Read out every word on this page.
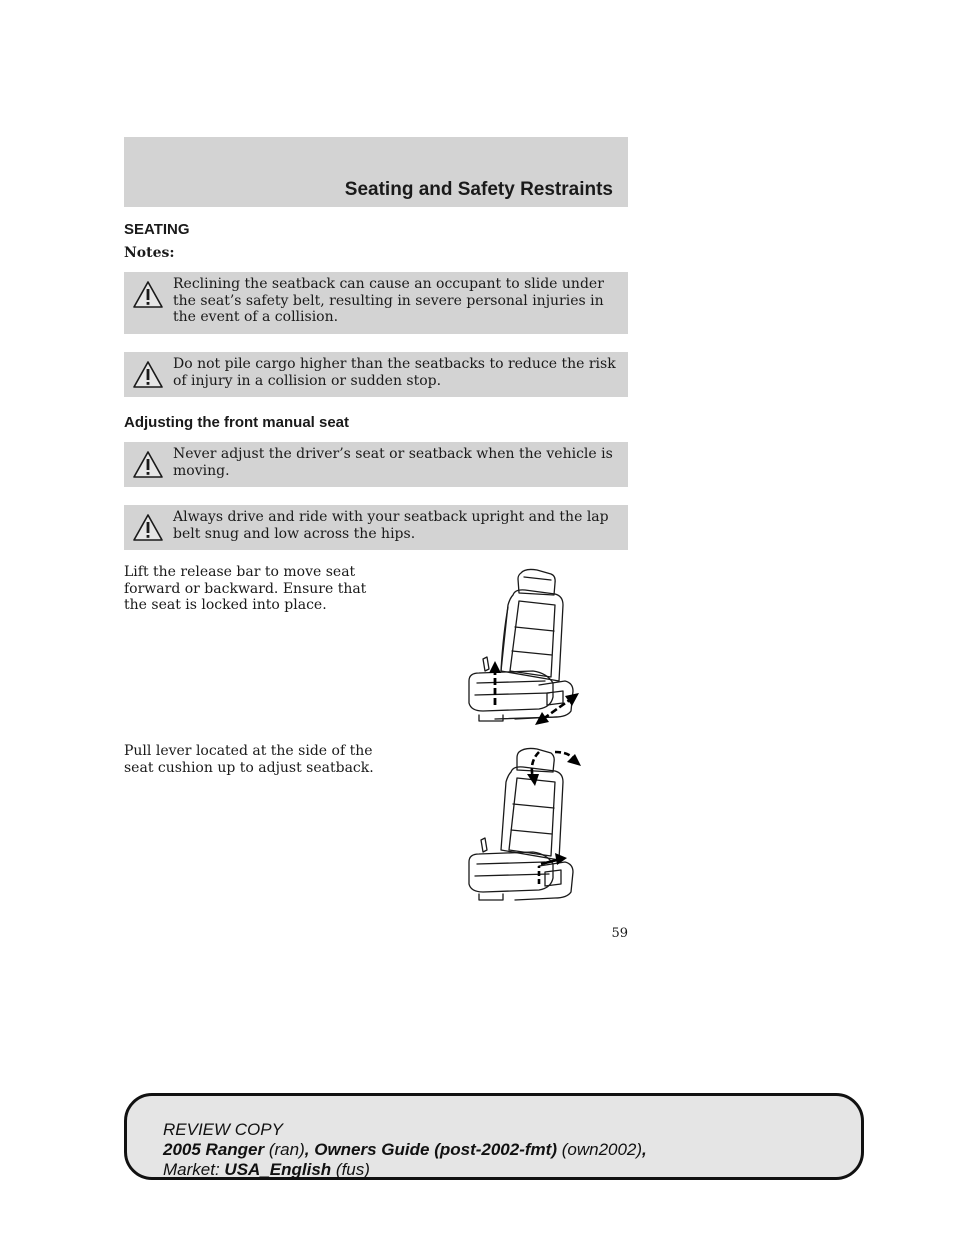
Seating and Safety Restraints
SEATING
Notes:
Reclining the seatback can cause an occupant to slide under the seat’s safety belt, resulting in severe personal injuries in the event of a collision.
Do not pile cargo higher than the seatbacks to reduce the risk of injury in a collision or sudden stop.
Adjusting the front manual seat
Never adjust the driver’s seat or seatback when the vehicle is moving.
Always drive and ride with your seatback upright and the lap belt snug and low across the hips.
Lift the release bar to move seat forward or backward. Ensure that the seat is locked into place.
Pull lever located at the side of the seat cushion up to adjust seatback.
59
REVIEW COPY
2005 Ranger (ran), Owners Guide (post-2002-fmt) (own2002),
Market: USA_English (fus)
